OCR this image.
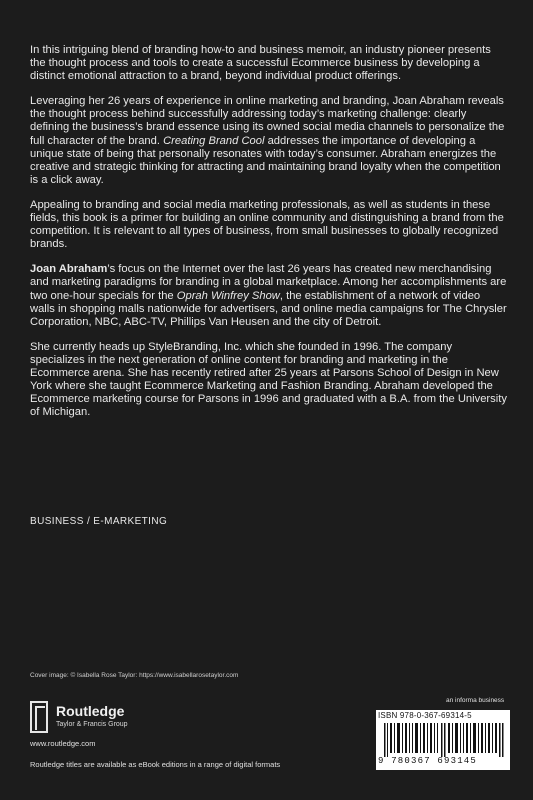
In this intriguing blend of branding how-to and business memoir, an industry pioneer presents the thought process and tools to create a successful Ecommerce business by developing a distinct emotional attraction to a brand, beyond individual product offerings.

Leveraging her 26 years of experience in online marketing and branding, Joan Abraham reveals the thought process behind successfully addressing today’s marketing challenge: clearly defining the business’s brand essence using its owned social media channels to personalize the full character of the brand. Creating Brand Cool addresses the importance of developing a unique state of being that personally resonates with today’s consumer. Abraham energizes the creative and strategic thinking for attracting and maintaining brand loyalty when the competition is a click away.

Appealing to branding and social media marketing professionals, as well as students in these fields, this book is a primer for building an online community and distinguishing a brand from the competition. It is relevant to all types of business, from small businesses to globally recognized brands.

Joan Abraham’s focus on the Internet over the last 26 years has created new merchandising and marketing paradigms for branding in a global marketplace. Among her accomplishments are two one-hour specials for the Oprah Winfrey Show, the establishment of a network of video walls in shopping malls nationwide for advertisers, and online media campaigns for The Chrysler Corporation, NBC, ABC-TV, Phillips Van Heusen and the city of Detroit.

She currently heads up StyleBranding, Inc. which she founded in 1996. The company specializes in the next generation of online content for branding and marketing in the Ecommerce arena. She has recently retired after 25 years at Parsons School of Design in New York where she taught Ecommerce Marketing and Fashion Branding. Abraham developed the Ecommerce marketing course for Parsons in 1996 and graduated with a B.A. from the University of Michigan.

BUSINESS / E-MARKETING
Cover image: © Isabella Rose Taylor: https://www.isabellarosetaylor.com
Routledge
Taylor & Francis Group
www.routledge.com
Routledge titles are available as eBook editions in a range of digital formats
an informa business
ISBN 978-0-367-69314-5
9 780367 693145
